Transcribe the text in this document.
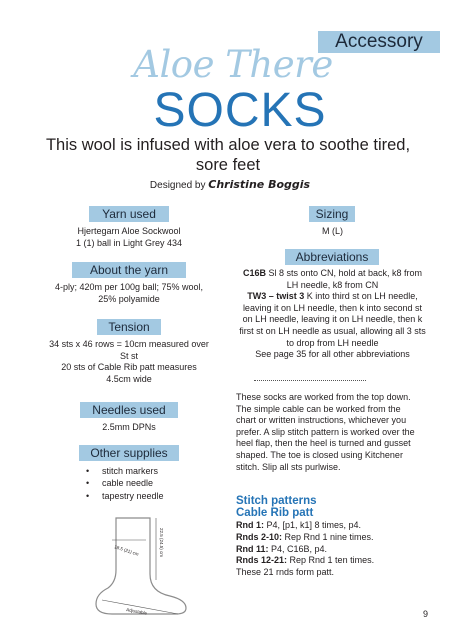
Accessory
Aloe There
SOCKS
This wool is infused with aloe vera to soothe tired,
sore feet
Designed by Christine Boggis
Yarn used
Hjertegarn Aloe Sockwool
1 (1) ball in Light Grey 434
About the yarn
4-ply; 420m per 100g ball; 75% wool,
25% polyamide
Tension
34 sts x 46 rows = 10cm measured over
St st
20 sts of Cable Rib patt measures
4.5cm wide
Needles used
2.5mm DPNs
Other supplies
• stitch markers
• cable needle
• tapestry needle
18.5 (21) cm	22.5 (24.5) cm
Adjustable
Sizing
M (L)
Abbreviations
C16B Sl 8 sts onto CN, hold at back, k8 from
LH needle, k8 from CN
TW3 – twist 3 K into third st on LH needle,
leaving it on LH needle, then k into second st
on LH needle, leaving it on LH needle, then k
first st on LH needle as usual, allowing all 3 sts
to drop from LH needle
See page 35 for all other abbreviations
These socks are worked from the top down.
The simple cable can be worked from the
chart or written instructions, whichever you
prefer. A slip stitch pattern is worked over the
heel flap, then the heel is turned and gusset
shaped. The toe is closed using Kitchener
stitch. Slip all sts purlwise.
Stitch patterns
Cable Rib patt
Rnd 1: P4, [p1, k1] 8 times, p4.
Rnds 2-10: Rep Rnd 1 nine times.
Rnd 11: P4, C16B, p4.
Rnds 12-21: Rep Rnd 1 ten times.
These 21 rnds form patt.
9
